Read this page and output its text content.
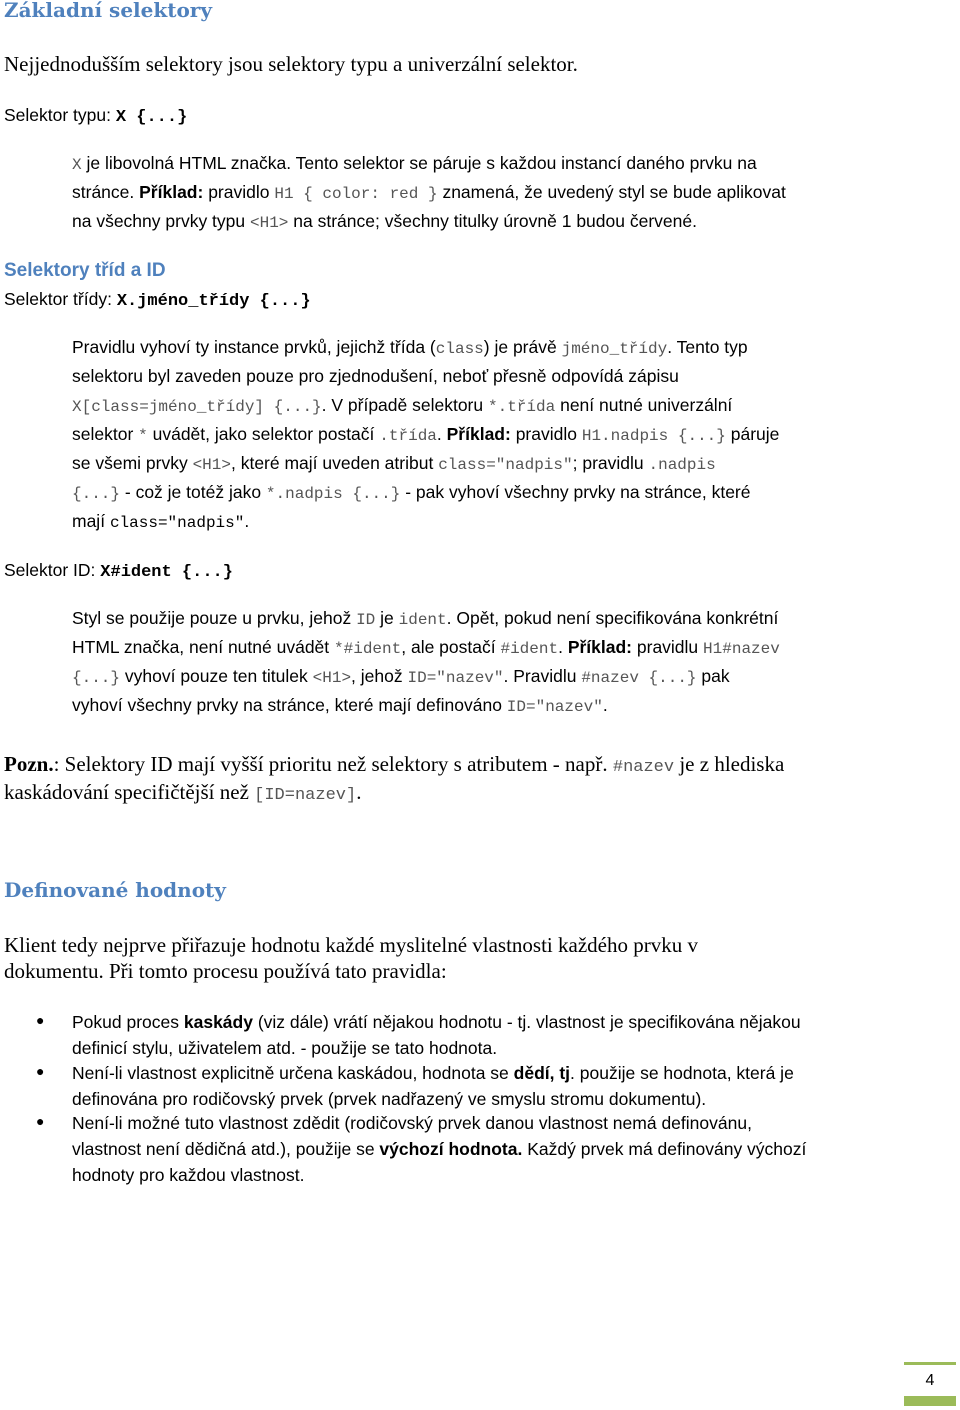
Základní selektory
Nejjednodušším selektory jsou selektory typu a univerzální selektor.
Selektor typu: X {...}
X je libovolná HTML značka. Tento selektor se páruje s každou instancí daného prvku na
stránce. Příklad: pravidlo H1 { color: red } znamená, že uvedený styl se bude aplikovat
na všechny prvky typu <H1> na stránce; všechny titulky úrovně 1 budou červené.
Selektory tříd a ID
Selektor třídy: X.jméno_třídy {...}
Pravidlu vyhoví ty instance prvků, jejichž třída (class) je právě jméno_třídy. Tento typ
selektoru byl zaveden pouze pro zjednodušení, neboť přesně odpovídá zápisu
X[class=jméno_třídy] {...}. V případě selektoru *.třída není nutné univerzální
selektor * uvádět, jako selektor postačí .třída. Příklad: pravidlo H1.nadpis {...} páruje
se všemi prvky <H1>, které mají uveden atribut class="nadpis"; pravidlu .nadpis
{...} - což je totéž jako *.nadpis {...} - pak vyhoví všechny prvky na stránce, které
mají class="nadpis".
Selektor ID: X#ident {...}
Styl se použije pouze u prvku, jehož ID je ident. Opět, pokud není specifikována konkrétní
HTML značka, není nutné uvádět *#ident, ale postačí #ident. Příklad: pravidlu H1#nazev
{...} vyhoví pouze ten titulek <H1>, jehož ID="nazev". Pravidlu #nazev {...} pak
vyhoví všechny prvky na stránce, které mají definováno ID="nazev".
Pozn.: Selektory ID mají vyšší prioritu než selektory s atributem - např. #nazev je z hlediska
kaskádování specifičtější než [ID=nazev].
Definované hodnoty
Klient tedy nejprve přiřazuje hodnotu každé myslitelné vlastnosti každého prvku v
dokumentu. Při tomto procesu používá tato pravidla:
● Pokud proces kaskády (viz dále) vrátí nějakou hodnotu - tj. vlastnost je specifikována nějakou
definicí stylu, uživatelem atd. - použije se tato hodnota.
● Není-li vlastnost explicitně určena kaskádou, hodnota se dědí, tj. použije se hodnota, která je
definována pro rodičovský prvek (prvek nadřazený ve smyslu stromu dokumentu).
● Není-li možné tuto vlastnost zdědit (rodičovský prvek danou vlastnost nemá definovánu,
vlastnost není dědičná atd.), použije se výchozí hodnota. Každý prvek má definovány výchozí
hodnoty pro každou vlastnost.
4
